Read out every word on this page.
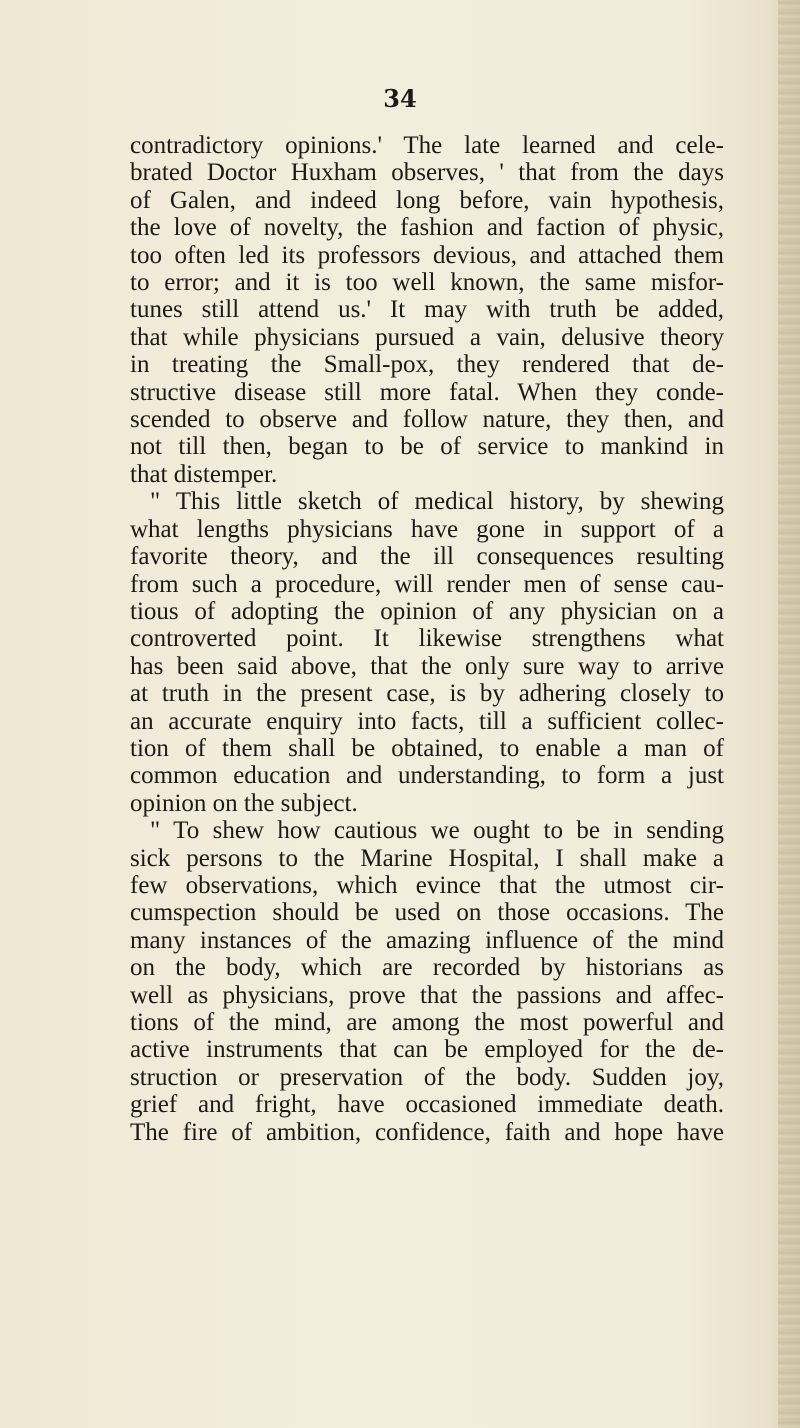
34
contradictory opinions.' The late learned and cele-
brated Doctor Huxham observes, ' that from the days
of Galen, and indeed long before, vain hypothesis,
the love of novelty, the fashion and faction of physic,
too often led its professors devious, and attached them
to error; and it is too well known, the same misfor-
tunes still attend us.' It may with truth be added,
that while physicians pursued a vain, delusive theory
in treating the Small-pox, they rendered that de-
structive disease still more fatal. When they conde-
scended to observe and follow nature, they then, and
not till then, began to be of service to mankind in
that distemper.
" This little sketch of medical history, by shewing
what lengths physicians have gone in support of a
favorite theory, and the ill consequences resulting
from such a procedure, will render men of sense cau-
tious of adopting the opinion of any physician on a
controverted point. It likewise strengthens what
has been said above, that the only sure way to arrive
at truth in the present case, is by adhering closely to
an accurate enquiry into facts, till a sufficient collec-
tion of them shall be obtained, to enable a man of
common education and understanding, to form a just
opinion on the subject.
" To shew how cautious we ought to be in sending
sick persons to the Marine Hospital, I shall make a
few observations, which evince that the utmost cir-
cumspection should be used on those occasions. The
many instances of the amazing influence of the mind
on the body, which are recorded by historians as
well as physicians, prove that the passions and affec-
tions of the mind, are among the most powerful and
active instruments that can be employed for the de-
struction or preservation of the body. Sudden joy,
grief and fright, have occasioned immediate death.
The fire of ambition, confidence, faith and hope have
